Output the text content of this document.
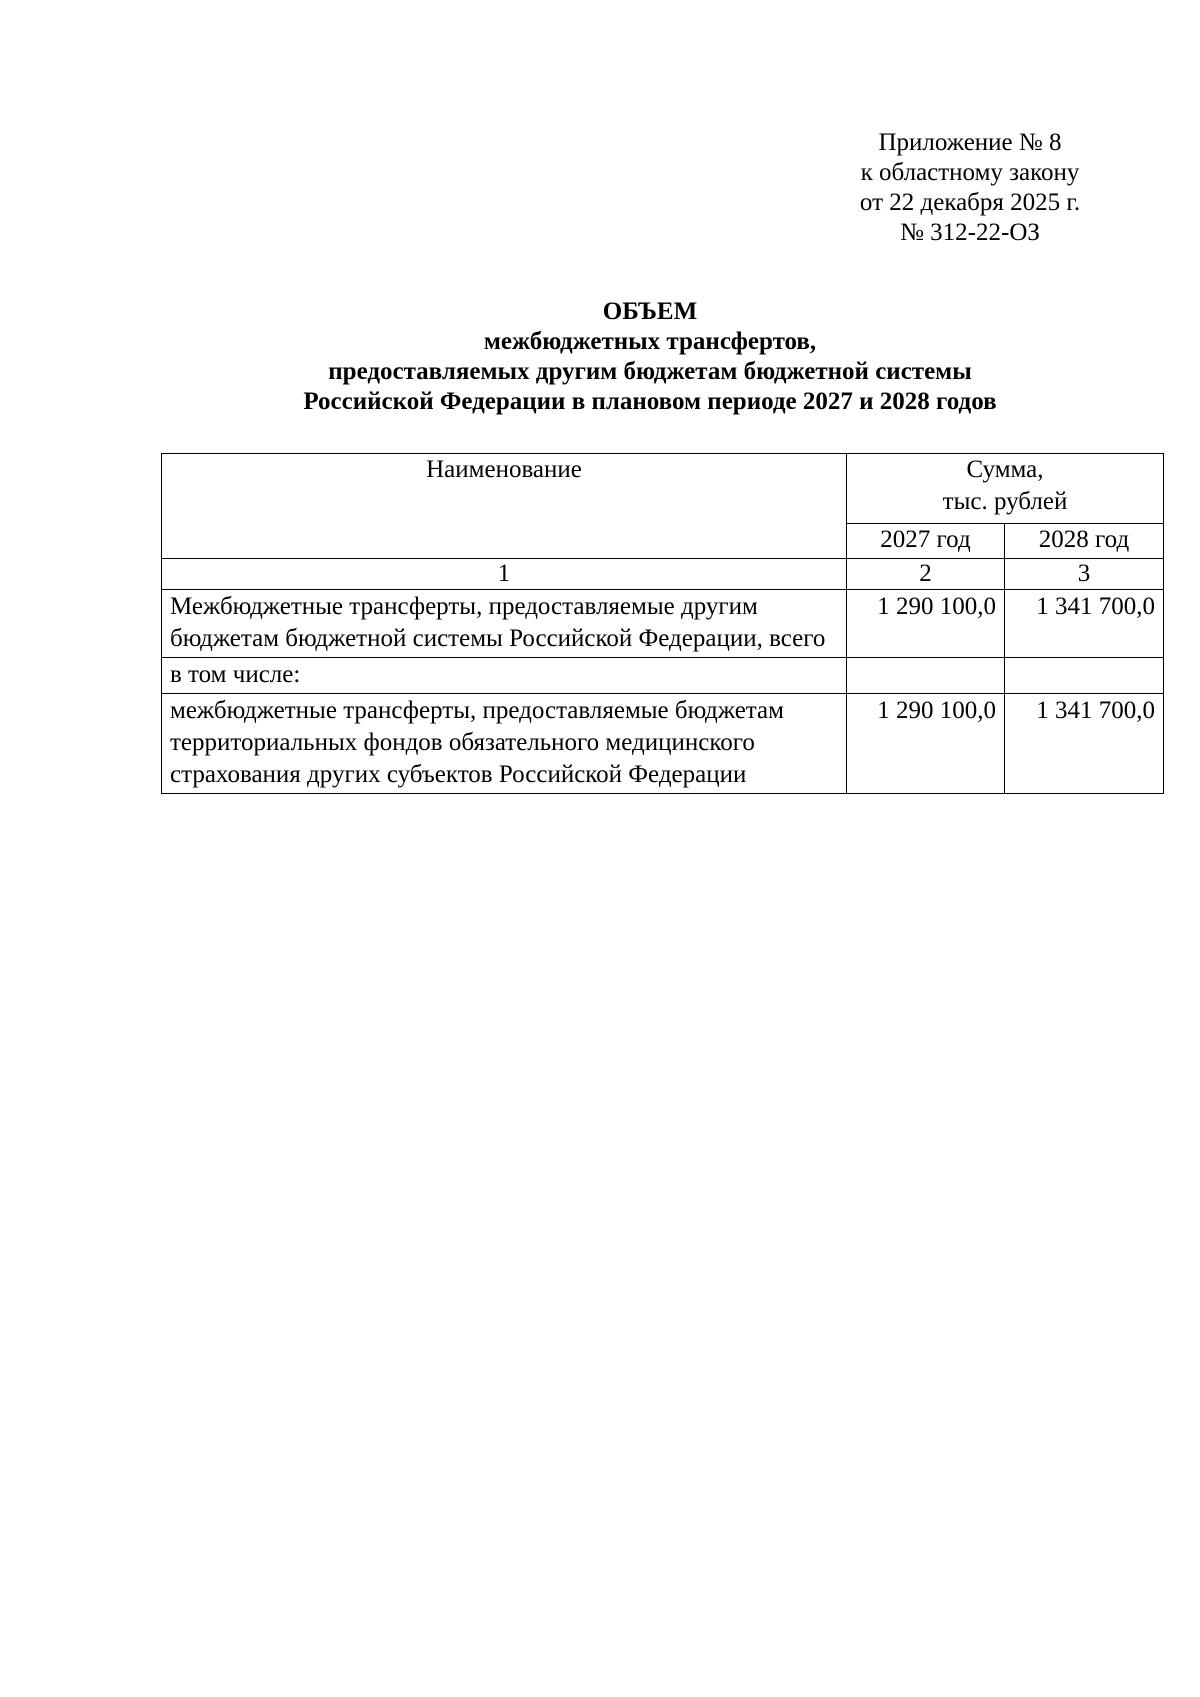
Приложение № 8
к областному закону
от 22 декабря 2025 г.
№ 312-22-ОЗ
ОБЪЕМ
межбюджетных трансфертов,
предоставляемых другим бюджетам бюджетной системы
Российской Федерации в плановом периоде 2027 и 2028 годов
Наименование	Сумма,
тыс. рублей	

	2027 год	2028 год
1	2	3
Межбюджетные трансферты, предоставляемые другим бюджетам бюджетной системы Российской Федерации, всего	1 290 100,0	1 341 700,0
в том числе:		
межбюджетные трансферты, предоставляемые бюджетам территориальных фондов обязательного медицинского страхования других субъектов Российской Федерации	1 290 100,0	1 341 700,0
